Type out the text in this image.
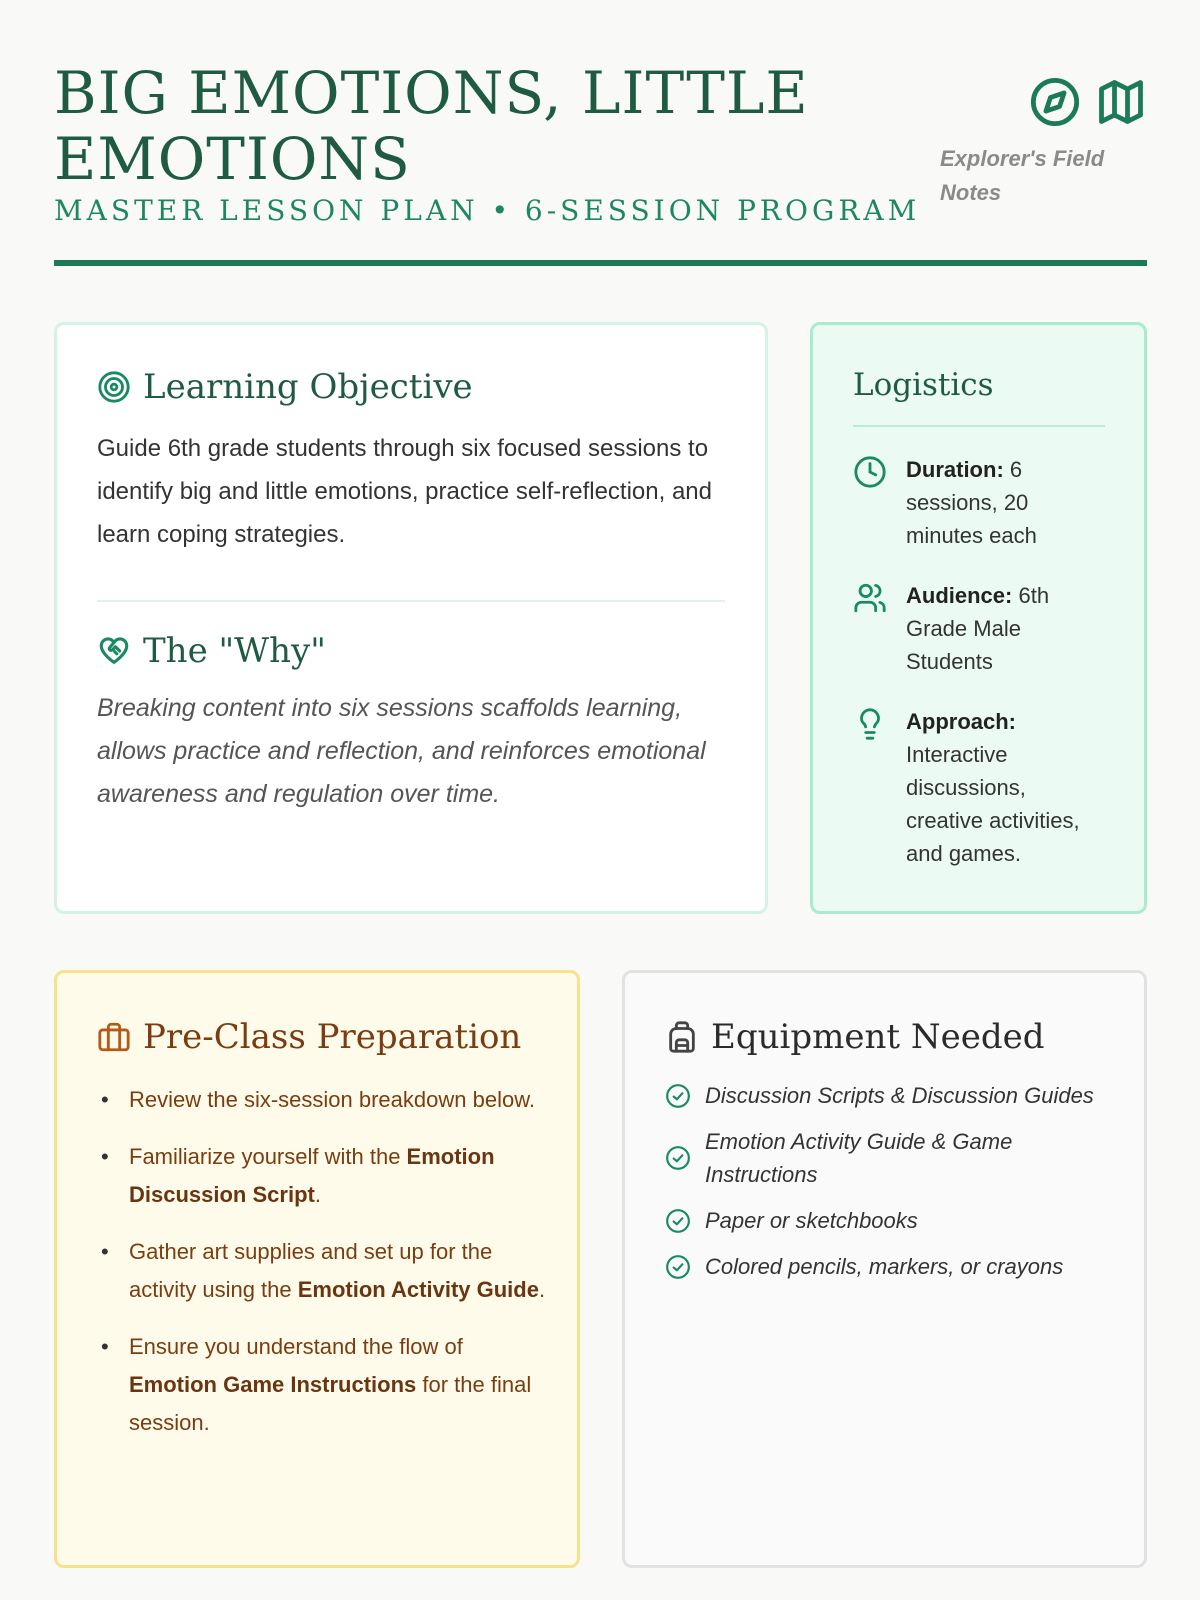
BIG EMOTIONS, LITTLE EMOTIONS
MASTER LESSON PLAN • 6-SESSION PROGRAM
Explorer's Field Notes
Learning Objective
Guide 6th grade students through six focused sessions to identify big and little emotions, practice self-reflection, and learn coping strategies.
The "Why"
Breaking content into six sessions scaffolds learning, allows practice and reflection, and reinforces emotional awareness and regulation over time.
Logistics
Duration: 6 sessions, 20 minutes each
Audience: 6th Grade Male Students
Approach: Interactive discussions, creative activities, and games.
Pre-Class Preparation
• Review the six-session breakdown below.
• Familiarize yourself with the Emotion Discussion Script.
• Gather art supplies and set up for the activity using the Emotion Activity Guide.
• Ensure you understand the flow of Emotion Game Instructions for the final session.
Equipment Needed
Discussion Scripts & Discussion Guides
Emotion Activity Guide & Game Instructions
Paper or sketchbooks
Colored pencils, markers, or crayons
